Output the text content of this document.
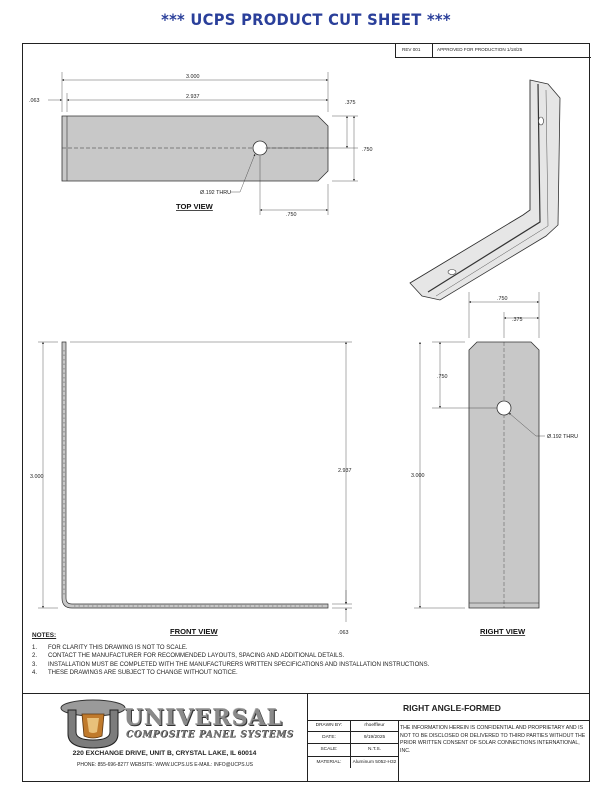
*** UCPS PRODUCT CUT SHEET ***
REV 001	APPROVED FOR PRODUCTION 1/18/25
3.000
2.937
.063	.375
.750
.750
Ø.192 THRU
TOP VIEW
3.000
2.937
.063
FRONT VIEW
.750
.375
.750
3.000
Ø.192 THRU
RIGHT VIEW
NOTES:
1. FOR CLARITY THIS DRAWING IS NOT TO SCALE.
2. CONTACT THE MANUFACTURER FOR RECOMMENDED LAYOUTS, SPACING AND ADDITIONAL DETAILS.
3. INSTALLATION MUST BE COMPLETED WITH THE MANUFACTURERS WRITTEN SPECIFICATIONS AND INSTALLATION INSTRUCTIONS.
4. THESE DRAWINGS ARE SUBJECT TO CHANGE WITHOUT NOTICE.
UNIVERSAL
COMPOSITE PANEL SYSTEMS
220 EXCHANGE DRIVE, UNIT B, CRYSTAL LAKE, IL 60014
PHONE: 855-696-8277 WEBSITE: WWW.UCPS.US E-MAIL: INFO@UCPS.US
RIGHT ANGLE-FORMED
DRAWN BY:	rhoeffleur
DATE:	9/19/2025
SCALE:	N.T.S.
MATERIAL:	Aluminum 5052-H32
THE INFORMATION HEREIN IS CONFIDENTIAL AND PROPRIETARY AND IS NOT TO BE DISCLOSED OR DELIVERED TO THIRD PARTIES WITHOUT THE PRIOR WRITTEN CONSENT OF SOLAR CONNECTIONS INTERNATIONAL, INC.
